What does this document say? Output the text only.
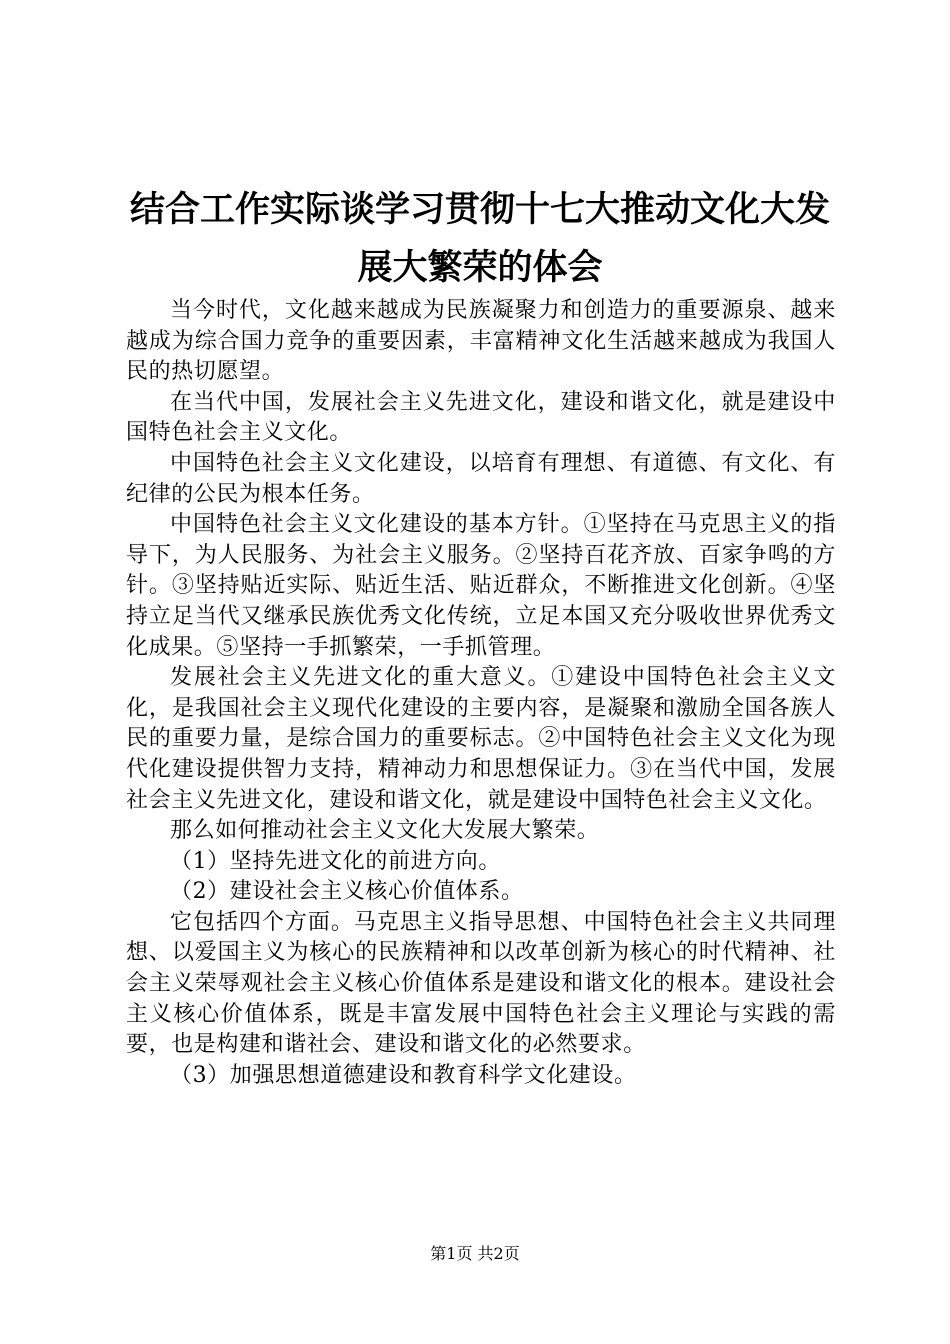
结合工作实际谈学习贯彻十七大推动文化大发
展大繁荣的体会

当今时代，文化越来越成为民族凝聚力和创造力的重要源泉、越来越成为综合国力竞争的重要因素，丰富精神文化生活越来越成为我国人民的热切愿望。

在当代中国，发展社会主义先进文化，建设和谐文化，就是建设中国特色社会主义文化。

中国特色社会主义文化建设，以培育有理想、有道德、有文化、有纪律的公民为根本任务。

中国特色社会主义文化建设的基本方针。①坚持在马克思主义的指导下，为人民服务、为社会主义服务。②坚持百花齐放、百家争鸣的方针。③坚持贴近实际、贴近生活、贴近群众，不断推进文化创新。④坚持立足当代又继承民族优秀文化传统，立足本国又充分吸收世界优秀文化成果。⑤坚持一手抓繁荣，一手抓管理。

发展社会主义先进文化的重大意义。①建设中国特色社会主义文化，是我国社会主义现代化建设的主要内容，是凝聚和激励全国各族人民的重要力量，是综合国力的重要标志。②中国特色社会主义文化为现代化建设提供智力支持，精神动力和思想保证力。③在当代中国，发展社会主义先进文化，建设和谐文化，就是建设中国特色社会主义文化。

那么如何推动社会主义文化大发展大繁荣。

（1）坚持先进文化的前进方向。

（2）建设社会主义核心价值体系。

它包括四个方面。马克思主义指导思想、中国特色社会主义共同理想、以爱国主义为核心的民族精神和以改革创新为核心的时代精神、社会主义荣辱观社会主义核心价值体系是建设和谐文化的根本。建设社会主义核心价值体系，既是丰富发展中国特色社会主义理论与实践的需要，也是构建和谐社会、建设和谐文化的必然要求。

（3）加强思想道德建设和教育科学文化建设。

第1页 共2页
